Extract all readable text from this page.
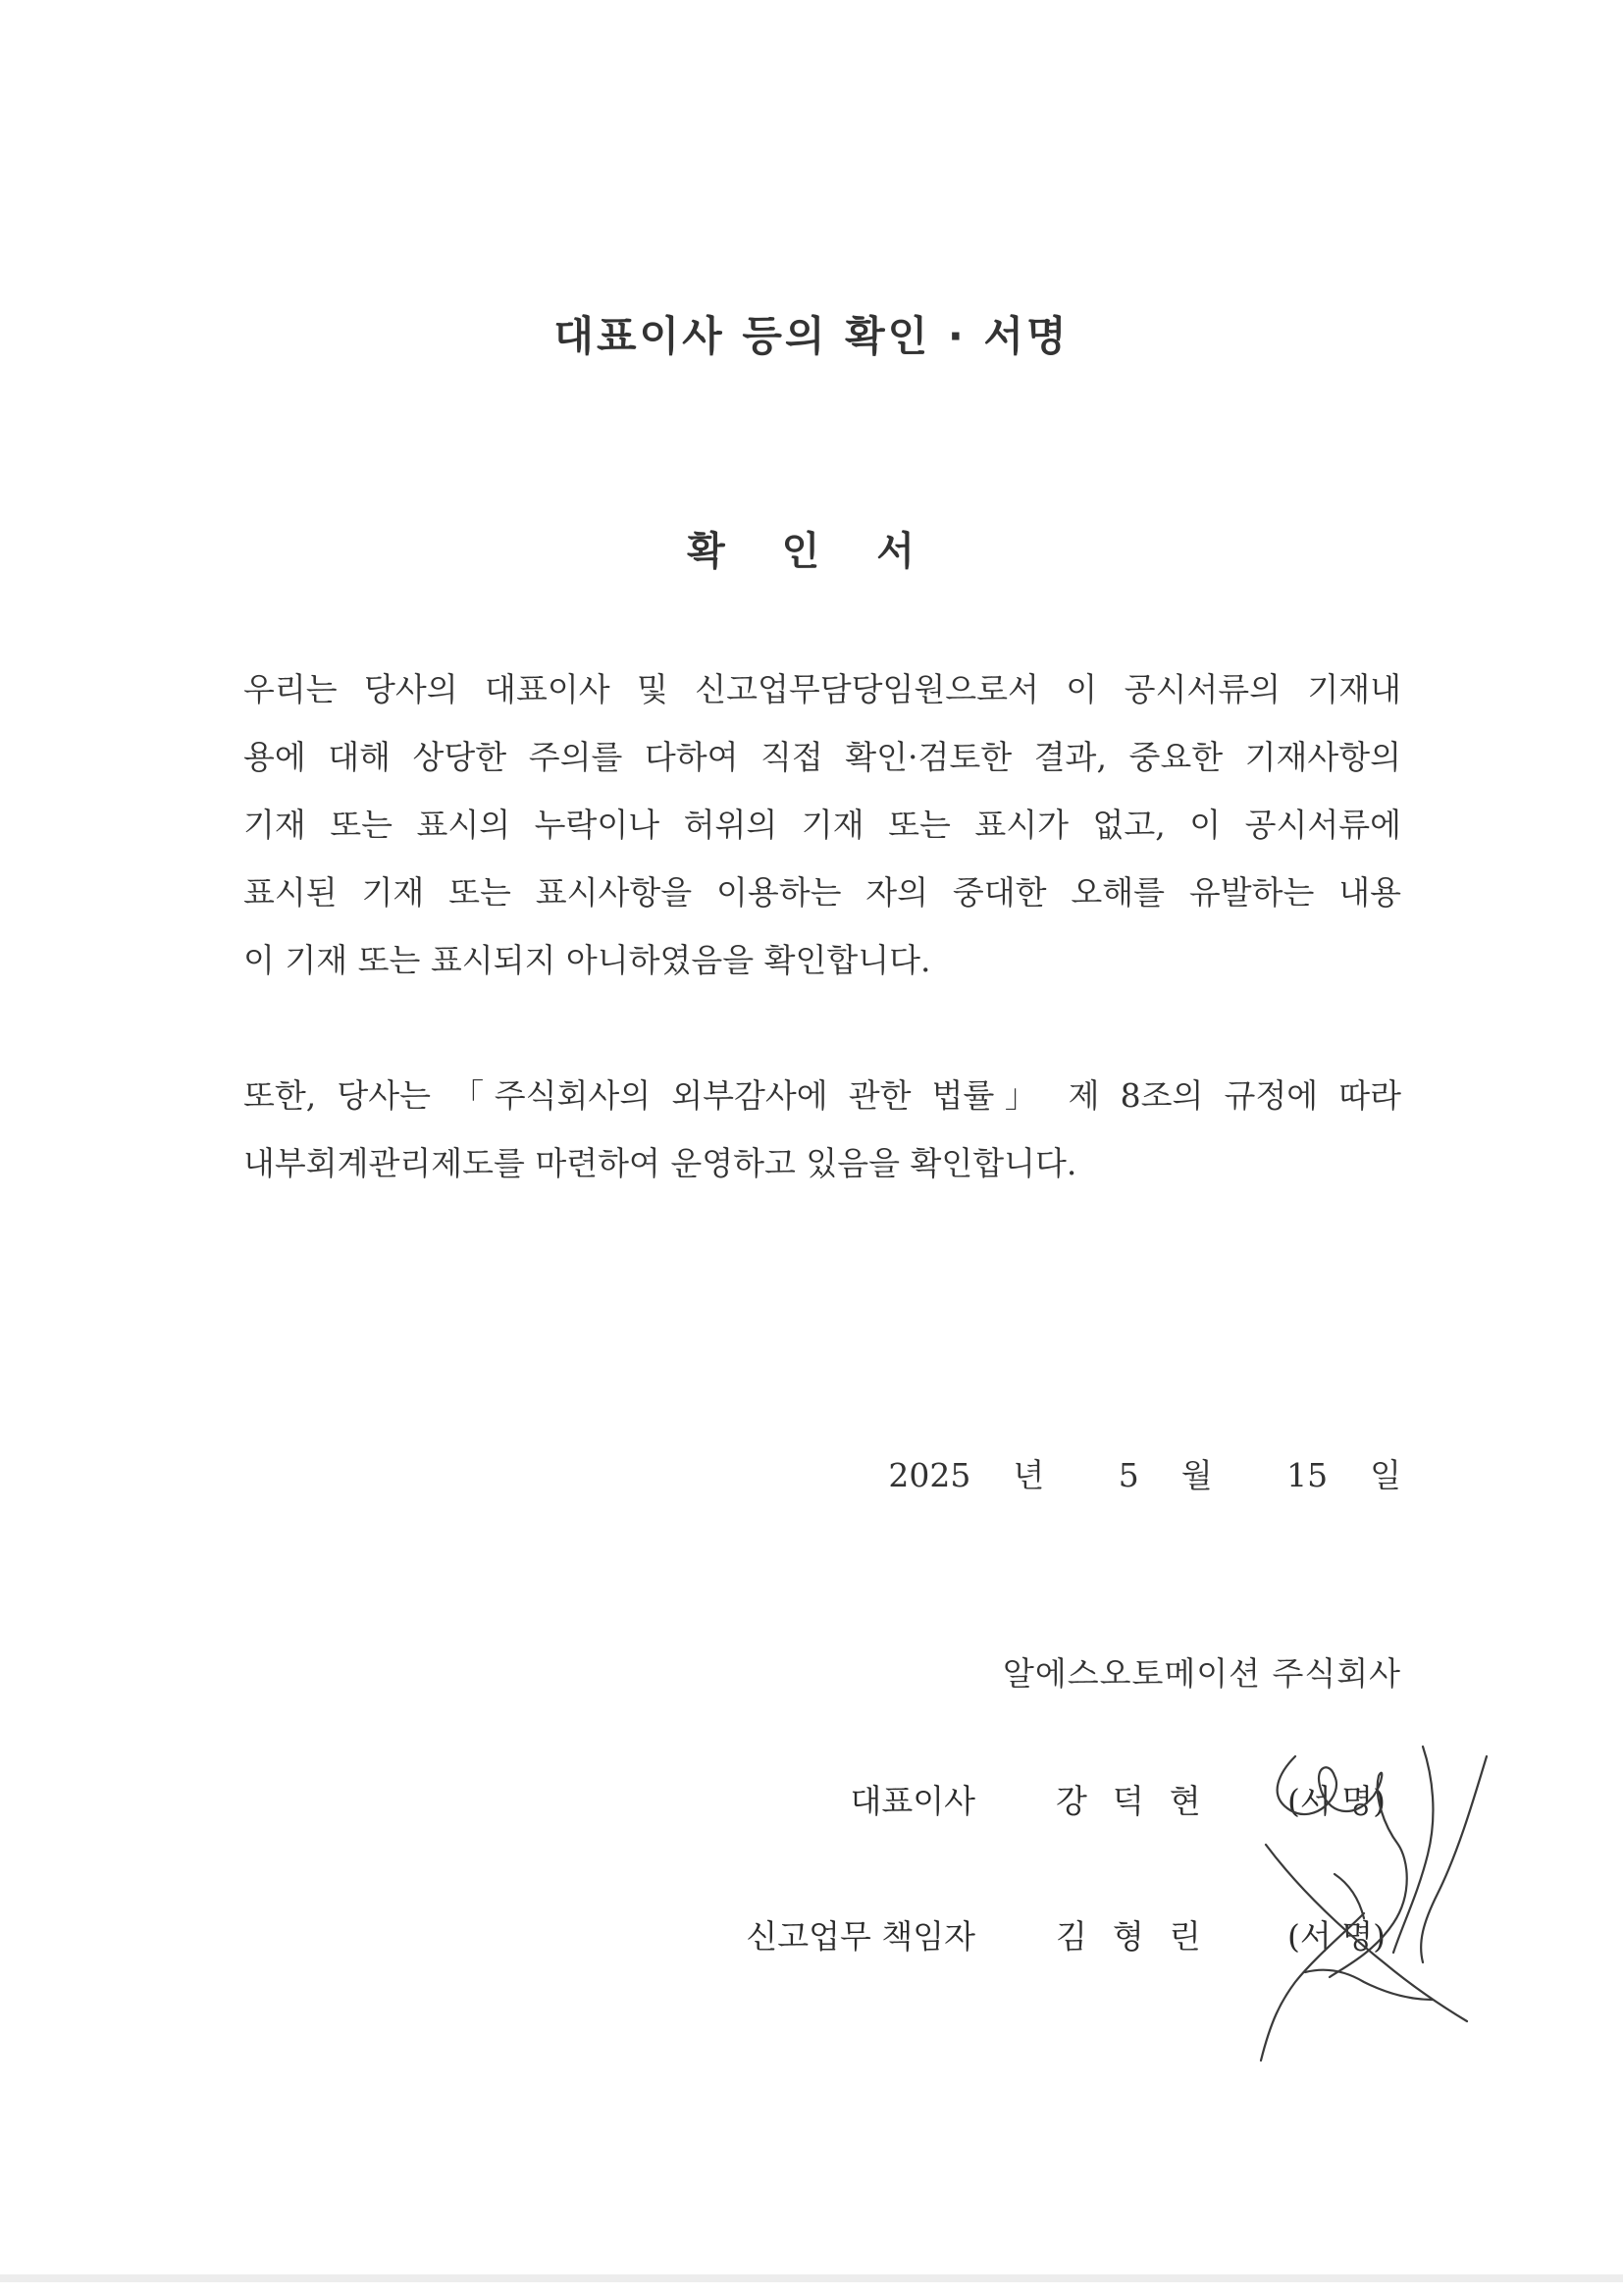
대표이사 등의 확인 · 서명
확 인 서
우리는 당사의 대표이사 및 신고업무담당임원으로서 이 공시서류의 기재내
용에 대해 상당한 주의를 다하여 직접 확인·검토한 결과, 중요한 기재사항의
기재 또는 표시의 누락이나 허위의 기재 또는 표시가 없고, 이 공시서류에
표시된 기재 또는 표시사항을 이용하는 자의 중대한 오해를 유발하는 내용
이 기재 또는 표시되지 아니하였음을 확인합니다.
또한, 당사는 「주식회사의 외부감사에 관한 법률」 제 8조의 규정에 따라
내부회계관리제도를 마련하여 운영하고 있음을 확인합니다.
2025 년 5 월 15 일
알에스오토메이션 주식회사
대표이사 강덕현 (서 명)
신고업무 책임자 김형린 (서 명)
